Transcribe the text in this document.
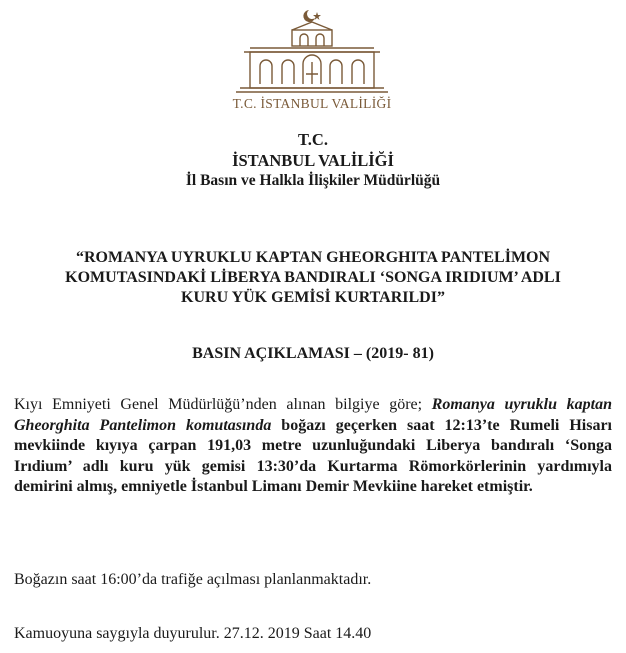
T.C. İSTANBUL VALİLİĞİ
T.C.
İSTANBUL VALİLİĞİ
İl Basın ve Halkla İlişkiler Müdürlüğü
“ROMANYA UYRUKLU KAPTAN GHEORGHITA PANTELİMON
KOMUTASINDAKİ LİBERYA BANDIRALI ‘SONGA IRIDIUM’ ADLI
KURU YÜK GEMİSİ KURTARILDI”
BASIN AÇIKLAMASI – (2019- 81)
Kıyı Emniyeti Genel Müdürlüğü’nden alınan bilgiye göre; Romanya uyruklu kaptan Gheorghita Pantelimon komutasında boğazı geçerken saat 12:13’te Rumeli Hisarı mevkiinde kıyıya çarpan 191,03 metre uzunluğundaki Liberya bandıralı ‘Songa Irıdium’ adlı kuru yük gemisi 13:30’da Kurtarma Römorkörlerinin yardımıyla demirini almış, emniyetle İstanbul Limanı Demir Mevkiine hareket etmiştir.
Boğazın saat 16:00’da trafiğe açılması planlanmaktadır.
Kamuoyuna saygıyla duyurulur. 27.12. 2019 Saat 14.40
